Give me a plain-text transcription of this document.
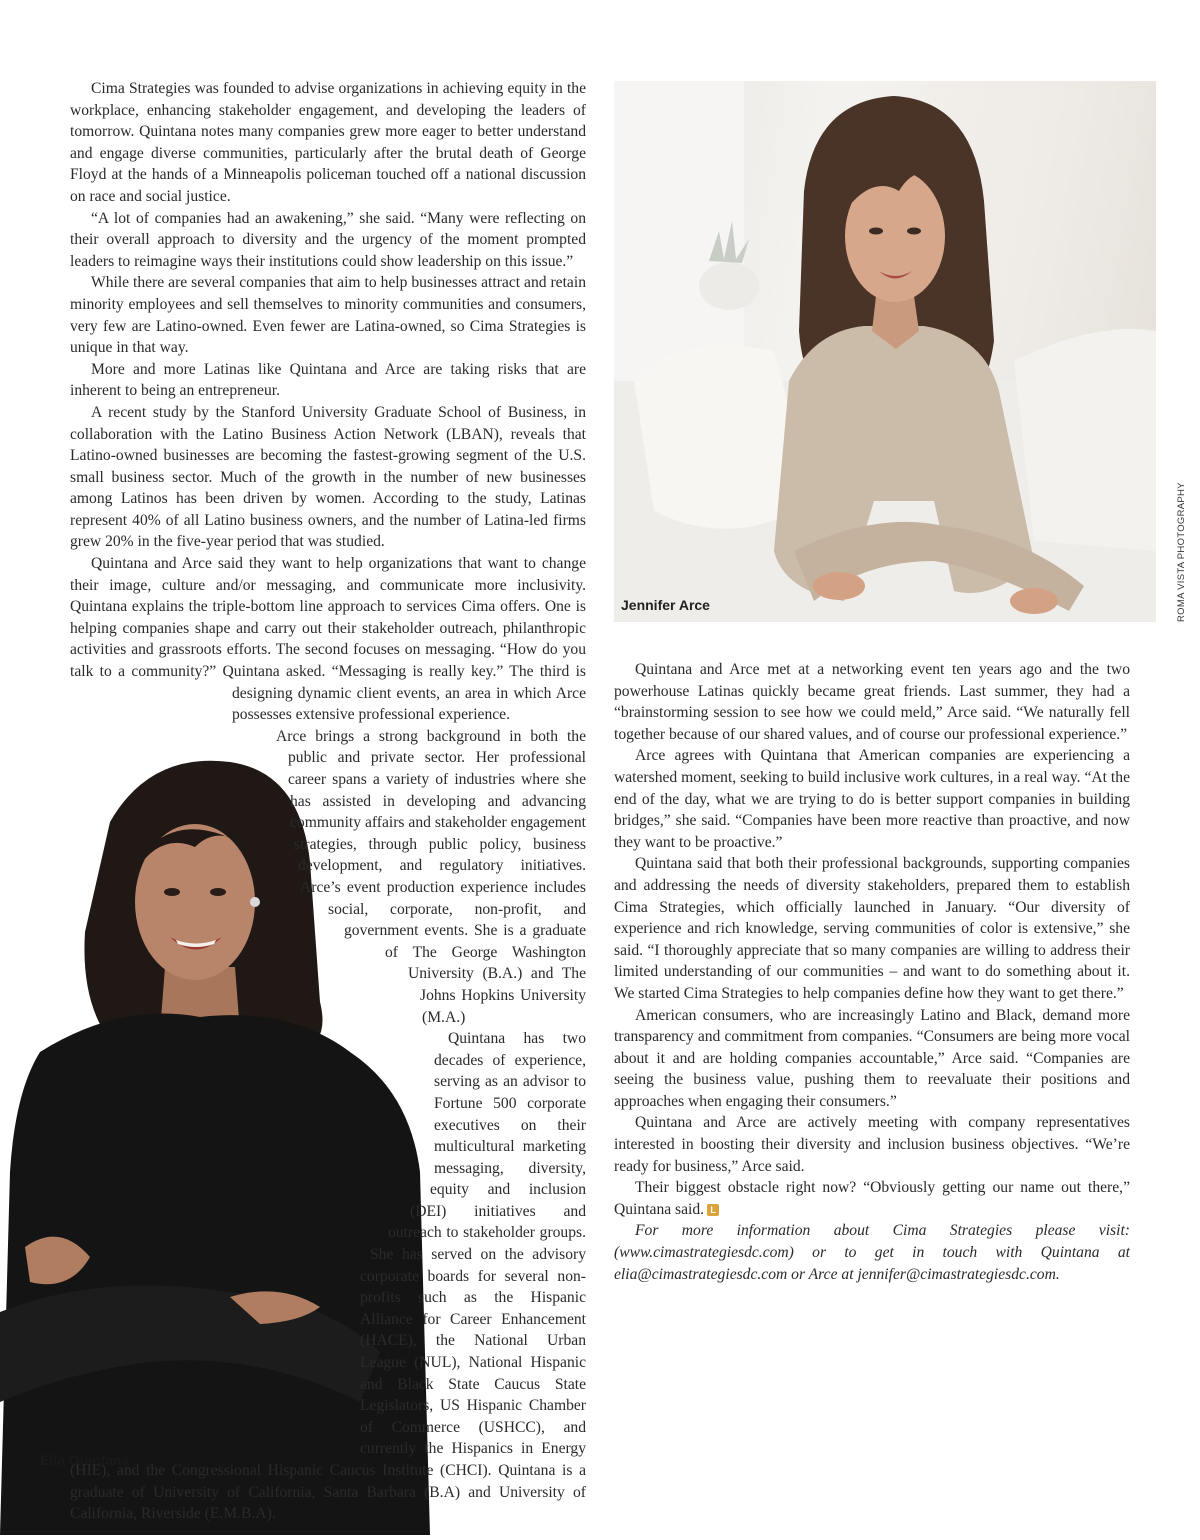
Jennifer Arce	ROMA VISTA PHOTOGRAPHY
Elia Quintana

Cima Strategies was founded to advise organizations in achieving equity in the workplace, enhancing stakeholder engagement, and developing the leaders of tomorrow. Quintana notes many companies grew more eager to better understand and engage diverse communities, particularly after the brutal death of George Floyd at the hands of a Minneapolis policeman touched off a national discussion on race and social justice.

“A lot of companies had an awakening,” she said. “Many were reflecting on their overall approach to diversity and the urgency of the moment prompted leaders to reimagine ways their institutions could show leadership on this issue.”

While there are several companies that aim to help businesses attract and retain minority employees and sell themselves to minority communities and consumers, very few are Latino-owned. Even fewer are Latina-owned, so Cima Strategies is unique in that way.

More and more Latinas like Quintana and Arce are taking risks that are inherent to being an entrepreneur.

A recent study by the Stanford University Graduate School of Business, in collaboration with the Latino Business Action Network (LBAN), reveals that Latino-owned businesses are becoming the fastest-growing segment of the U.S. small business sector. Much of the growth in the number of new businesses among Latinos has been driven by women. According to the study, Latinas represent 40% of all Latino business owners, and the number of Latina-led firms grew 20% in the five-year period that was studied.

Quintana and Arce said they want to help organizations that want to change their image, culture and/or messaging, and communicate more inclusivity. Quintana explains the triple-bottom line approach to services Cima offers. One is helping companies shape and carry out their stakeholder outreach, philanthropic activities and grassroots efforts. The second focuses on messaging. “How do you talk to a community?” Quintana asked. “Messaging is really key.” The third is designing dynamic client events, an area in which Arce possesses extensive professional experience.

Arce brings a strong background in both the public and private sector. Her professional career spans a variety of industries where she has assisted in developing and advancing community affairs and stakeholder engagement strategies, through public policy, business development, and regulatory initiatives. Arce’s event production experience includes social, corporate, non-profit, and government events. She is a graduate of The George Washington University (B.A.) and The Johns Hopkins University (M.A.)

Quintana has two decades of experience, serving as an advisor to Fortune 500 corporate executives on their multicultural marketing messaging, diversity, equity and inclusion (DEI) initiatives and outreach to stakeholder groups. She has served on the advisory corporate boards for several non-profits such as the Hispanic Alliance for Career Enhancement (HACE), the National Urban League (NUL), National Hispanic and Black State Caucus State Legislators, US Hispanic Chamber of Commerce (USHCC), and currently the Hispanics in Energy (HIE), and the Congressional Hispanic Caucus Institute (CHCI). Quintana is a graduate of University of California, Santa Barbara (B.A) and University of California, Riverside (E.M.B.A).

Quintana and Arce met at a networking event ten years ago and the two powerhouse Latinas quickly became great friends. Last summer, they had a “brainstorming session to see how we could meld,” Arce said. “We naturally fell together because of our shared values, and of course our professional experience.”

Arce agrees with Quintana that American companies are experiencing a watershed moment, seeking to build inclusive work cultures, in a real way. “At the end of the day, what we are trying to do is better support companies in building bridges,” she said. “Companies have been more reactive than proactive, and now they want to be proactive.”

Quintana said that both their professional backgrounds, supporting companies and addressing the needs of diversity stakeholders, prepared them to establish Cima Strategies, which officially launched in January. “Our diversity of experience and rich knowledge, serving communities of color is extensive,” she said. “I thoroughly appreciate that so many companies are willing to address their limited understanding of our communities – and want to do something about it. We started Cima Strategies to help companies define how they want to get there.”

American consumers, who are increasingly Latino and Black, demand more transparency and commitment from companies. “Consumers are being more vocal about it and are holding companies accountable,” Arce said. “Companies are seeing the business value, pushing them to reevaluate their positions and approaches when engaging their consumers.”

Quintana and Arce are actively meeting with company representatives interested in boosting their diversity and inclusion business objectives. “We’re ready for business,” Arce said.

Their biggest obstacle right now? “Obviously getting our name out there,” Quintana said. L

For more information about Cima Strategies please visit: (www.cimastrategiesdc.com) or to get in touch with Quintana at elia@cimastrategiesdc.com or Arce at jennifer@cimastrategiesdc.com.
